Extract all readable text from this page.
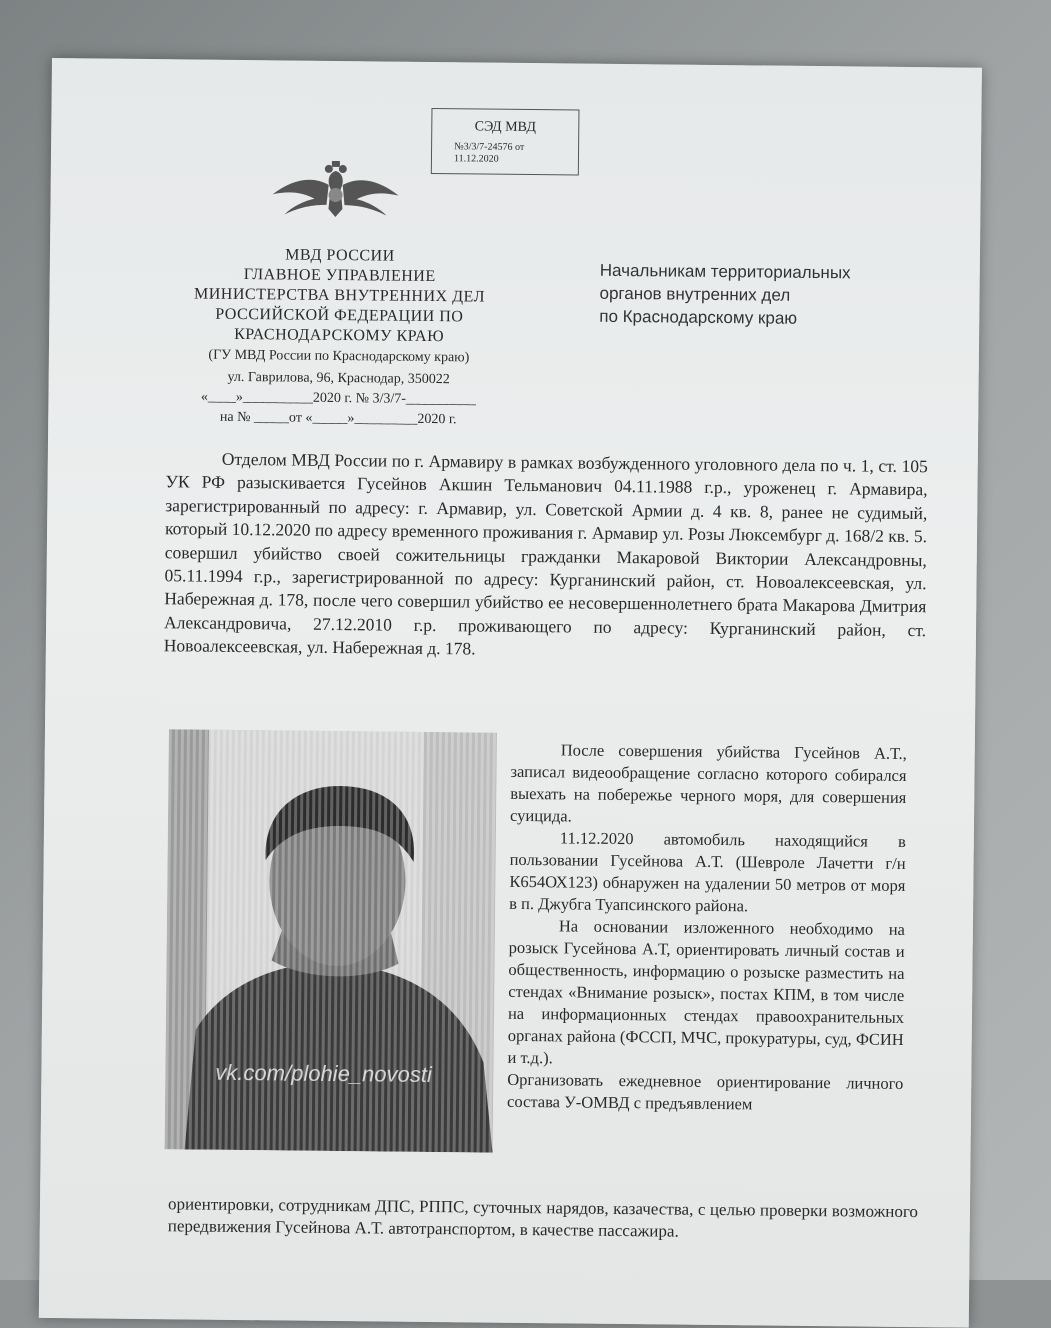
СЭД МВД
№3/3/7-24576 от
11.12.2020
МВД РОССИИ
ГЛАВНОЕ УПРАВЛЕНИЕ
МИНИСТЕРСТВА ВНУТРЕННИХ ДЕЛ
РОССИЙСКОЙ ФЕДЕРАЦИИ ПО
КРАСНОДАРСКОМУ КРАЮ
(ГУ МВД России по Краснодарскому краю)
ул. Гаврилова, 96, Краснодар, 350022
«____»__________2020 г. № 3/3/7-__________
на № _____от «_____»_________2020 г.
Начальникам территориальных
органов внутренних дел
по Краснодарскому краю

Отделом МВД России по г. Армавиру в рамках возбужденного уголовного дела по ч. 1, ст. 105 УК РФ разыскивается Гусейнов Акшин Тельманович 04.11.1988 г.р., уроженец г. Армавира, зарегистрированный по адресу: г. Армавир, ул. Советской Армии д. 4 кв. 8, ранее не судимый, который 10.12.2020 по адресу временного проживания г. Армавир ул. Розы Люксембург д. 168/2 кв. 5. совершил убийство своей сожительницы гражданки Макаровой Виктории Александровны, 05.11.1994 г.р., зарегистрированной по адресу: Курганинский район, ст. Новоалексеевская, ул. Набережная д. 178, после чего совершил убийство ее несовершеннолетнего брата Макарова Дмитрия Александровича, 27.12.2010 г.р. проживающего по адресу: Курганинский район, ст. Новоалексеевская, ул. Набережная д. 178.

vk.com/plohie_novosti

После совершения убийства Гусейнов А.Т., записал видеообращение согласно которого собирался выехать на побережье черного моря, для совершения суицида.

11.12.2020 автомобиль находящийся в пользовании Гусейнова А.Т. (Шевроле Лачетти г/н К654ОХ123) обнаружен на удалении 50 метров от моря в п. Джубга Туапсинского района.

На основании изложенного необходимо на розыск Гусейнова А.Т, ориентировать личный состав и общественность, информацию о розыске разместить на стендах «Внимание розыск», постах КПМ, в том числе на информационных стендах правоохранительных органах района (ФССП, МЧС, прокуратуры, суд, ФСИН и т.д.).

Организовать ежедневное ориентирование личного состава У-ОМВД с предъявлением

ориентировки, сотрудникам ДПС, РППС, суточных нарядов, казачества, с целью проверки возможного передвижения Гусейнова А.Т. автотранспортом, в качестве пассажира.
